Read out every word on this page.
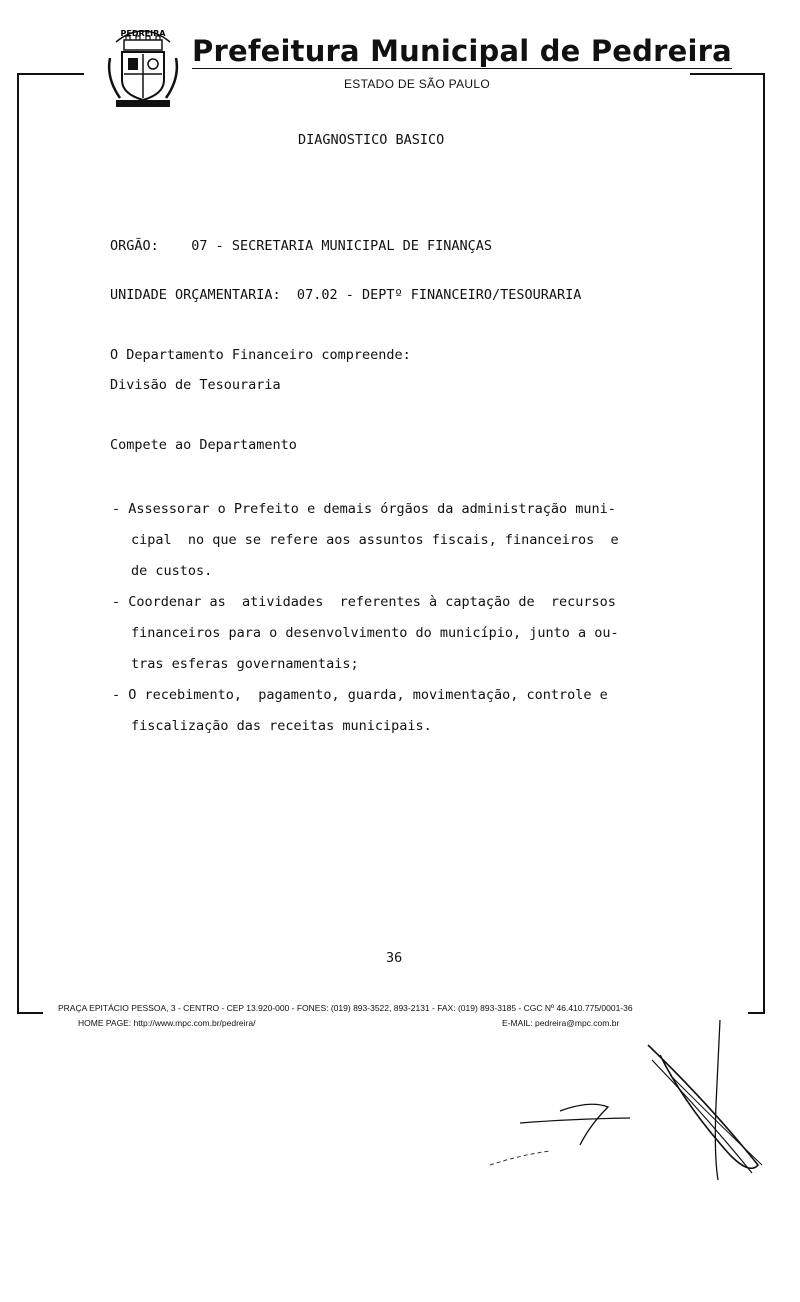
PEDREIRA
Prefeitura Municipal de Pedreira
ESTADO DE SÃO PAULO
DIAGNOSTICO BASICO
ORGÃO:    07 - SECRETARIA MUNICIPAL DE FINANÇAS
UNIDADE ORÇAMENTARIA:  07.02 - DEPTº FINANCEIRO/TESOURARIA
O Departamento Financeiro compreende:
Divisão de Tesouraria
Compete ao Departamento
- Assessorar o Prefeito e demais órgãos da administração muni-
cipal  no que se refere aos assuntos fiscais, financeiros  e
de custos.
- Coordenar as  atividades  referentes à captação de  recursos
financeiros para o desenvolvimento do município, junto a ou-
tras esferas governamentais;
- O recebimento,  pagamento, guarda, movimentação, controle e
fiscalização das receitas municipais.
36
PRAÇA EPITÁCIO PESSOA, 3 - CENTRO - CEP 13.920-000 - FONES: (019) 893-3522, 893-2131 - FAX: (019) 893-3185 - CGC Nº 46.410.775/0001-36
HOME PAGE: http://www.mpc.com.br/pedreira/	E-MAIL: pedreira@mpc.com.br
